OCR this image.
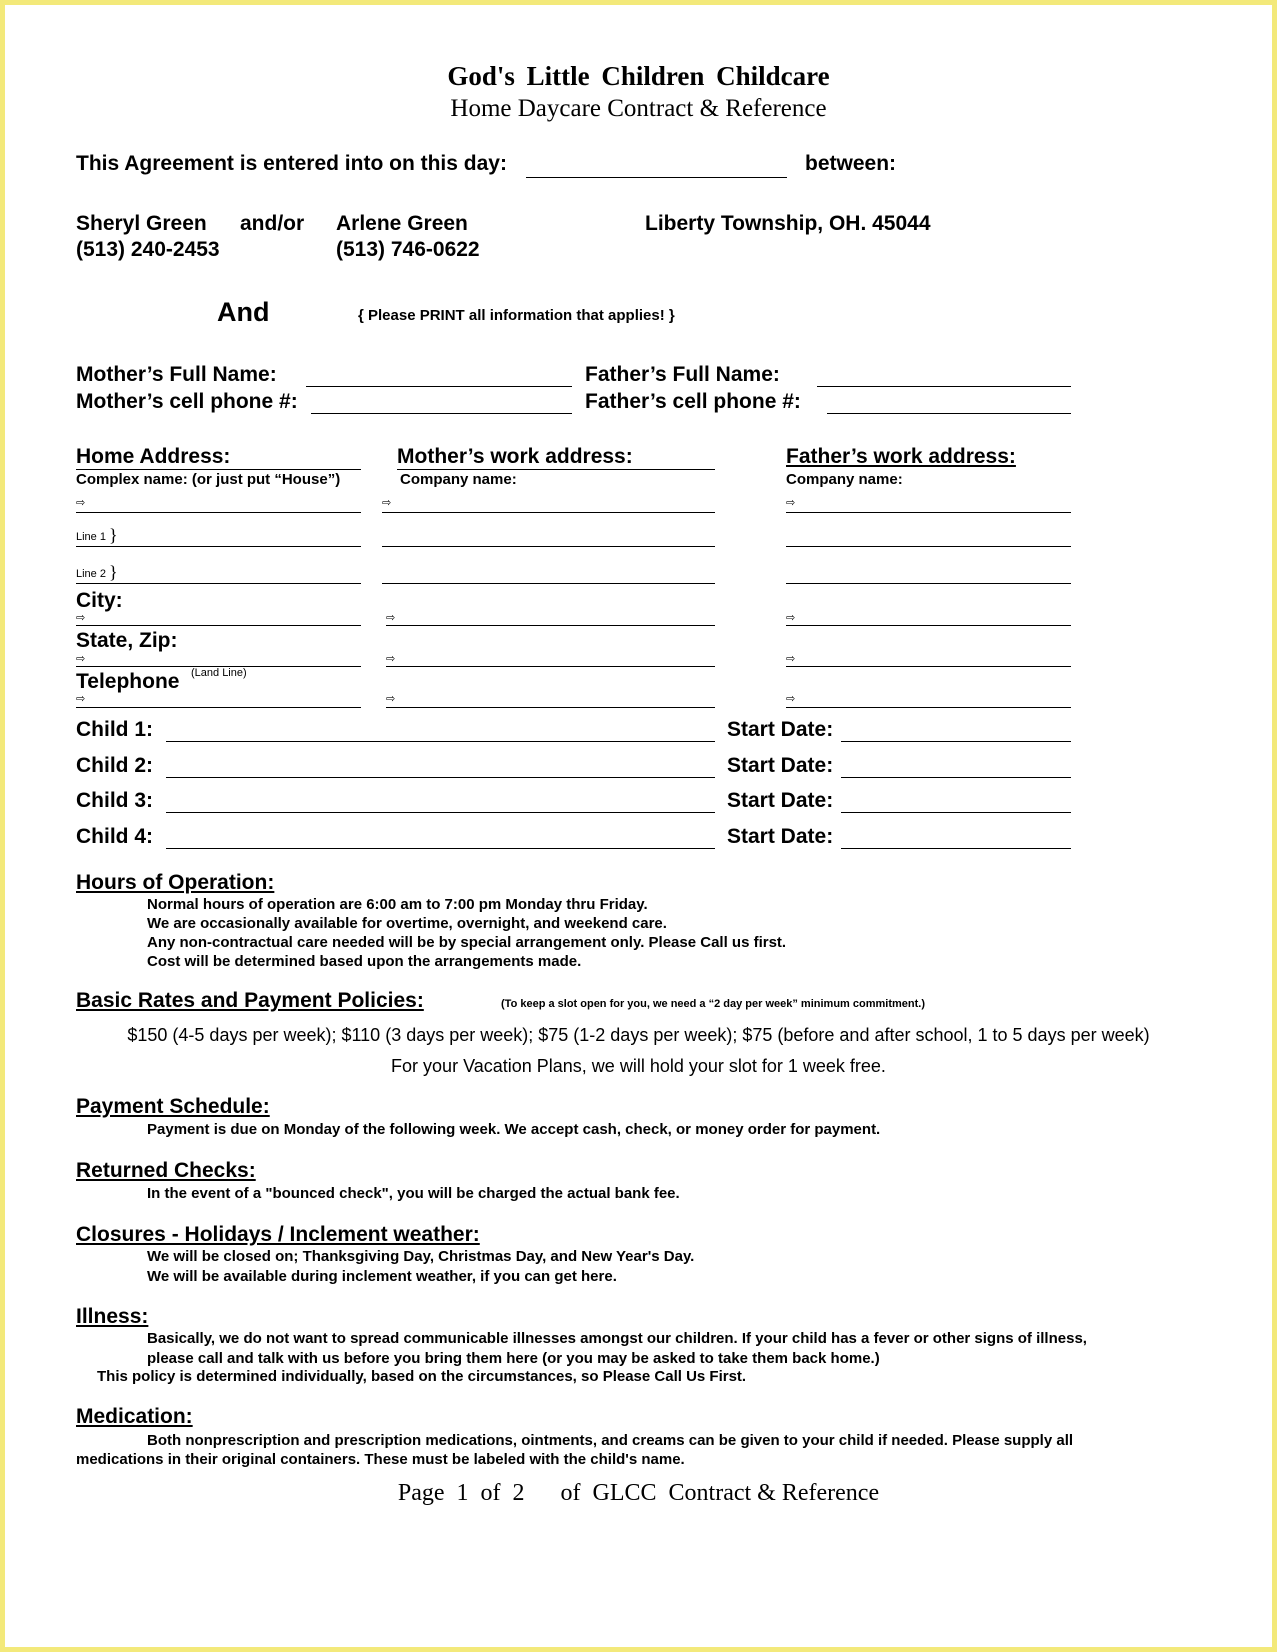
God's Little Children Childcare
Home Daycare Contract & Reference
This Agreement is entered into on this day:	between:
Sheryl Green and/or Arlene Green	Liberty Township, OH. 45044
(513) 240-2453	(513) 746-0622
And	{ Please PRINT all information that applies! }
Mother’s Full Name:	Father’s Full Name:
Mother’s cell phone #:	Father’s cell phone #:
Home Address:	Mother’s work address:	Father’s work address:
Complex name: (or just put “House”)	Company name:	Company name:
⇨	⇨	⇨
Line 1 }
Line 2 }
City:
⇨	⇨	⇨
State, Zip:
⇨	⇨	⇨
Telephone (Land Line)
⇨	⇨	⇨
Child 1:	Start Date:
Child 2:	Start Date:
Child 3:	Start Date:
Child 4:	Start Date:
Hours of Operation:
Normal hours of operation are 6:00 am to 7:00 pm Monday thru Friday.
We are occasionally available for overtime, overnight, and weekend care.
Any non-contractual care needed will be by special arrangement only. Please Call us first.
Cost will be determined based upon the arrangements made.
Basic Rates and Payment Policies:	(To keep a slot open for you, we need a “2 day per week” minimum commitment.)
$150 (4-5 days per week); $110 (3 days per week); $75 (1-2 days per week); $75 (before and after school, 1 to 5 days per week)
For your Vacation Plans, we will hold your slot for 1 week free.
Payment Schedule:
Payment is due on Monday of the following week. We accept cash, check, or money order for payment.
Returned Checks:
In the event of a "bounced check", you will be charged the actual bank fee.
Closures - Holidays / Inclement weather:
We will be closed on; Thanksgiving Day, Christmas Day, and New Year's Day.
We will be available during inclement weather, if you can get here.
Illness:
Basically, we do not want to spread communicable illnesses amongst our children. If your child has a fever or other signs of illness,
please call and talk with us before you bring them here (or you may be asked to take them back home.)
This policy is determined individually, based on the circumstances, so Please Call Us First.
Medication:
Both nonprescription and prescription medications, ointments, and creams can be given to your child if needed. Please supply all
medications in their original containers. These must be labeled with the child's name.
Page  1  of  2      of  GLCC  Contract & Reference
